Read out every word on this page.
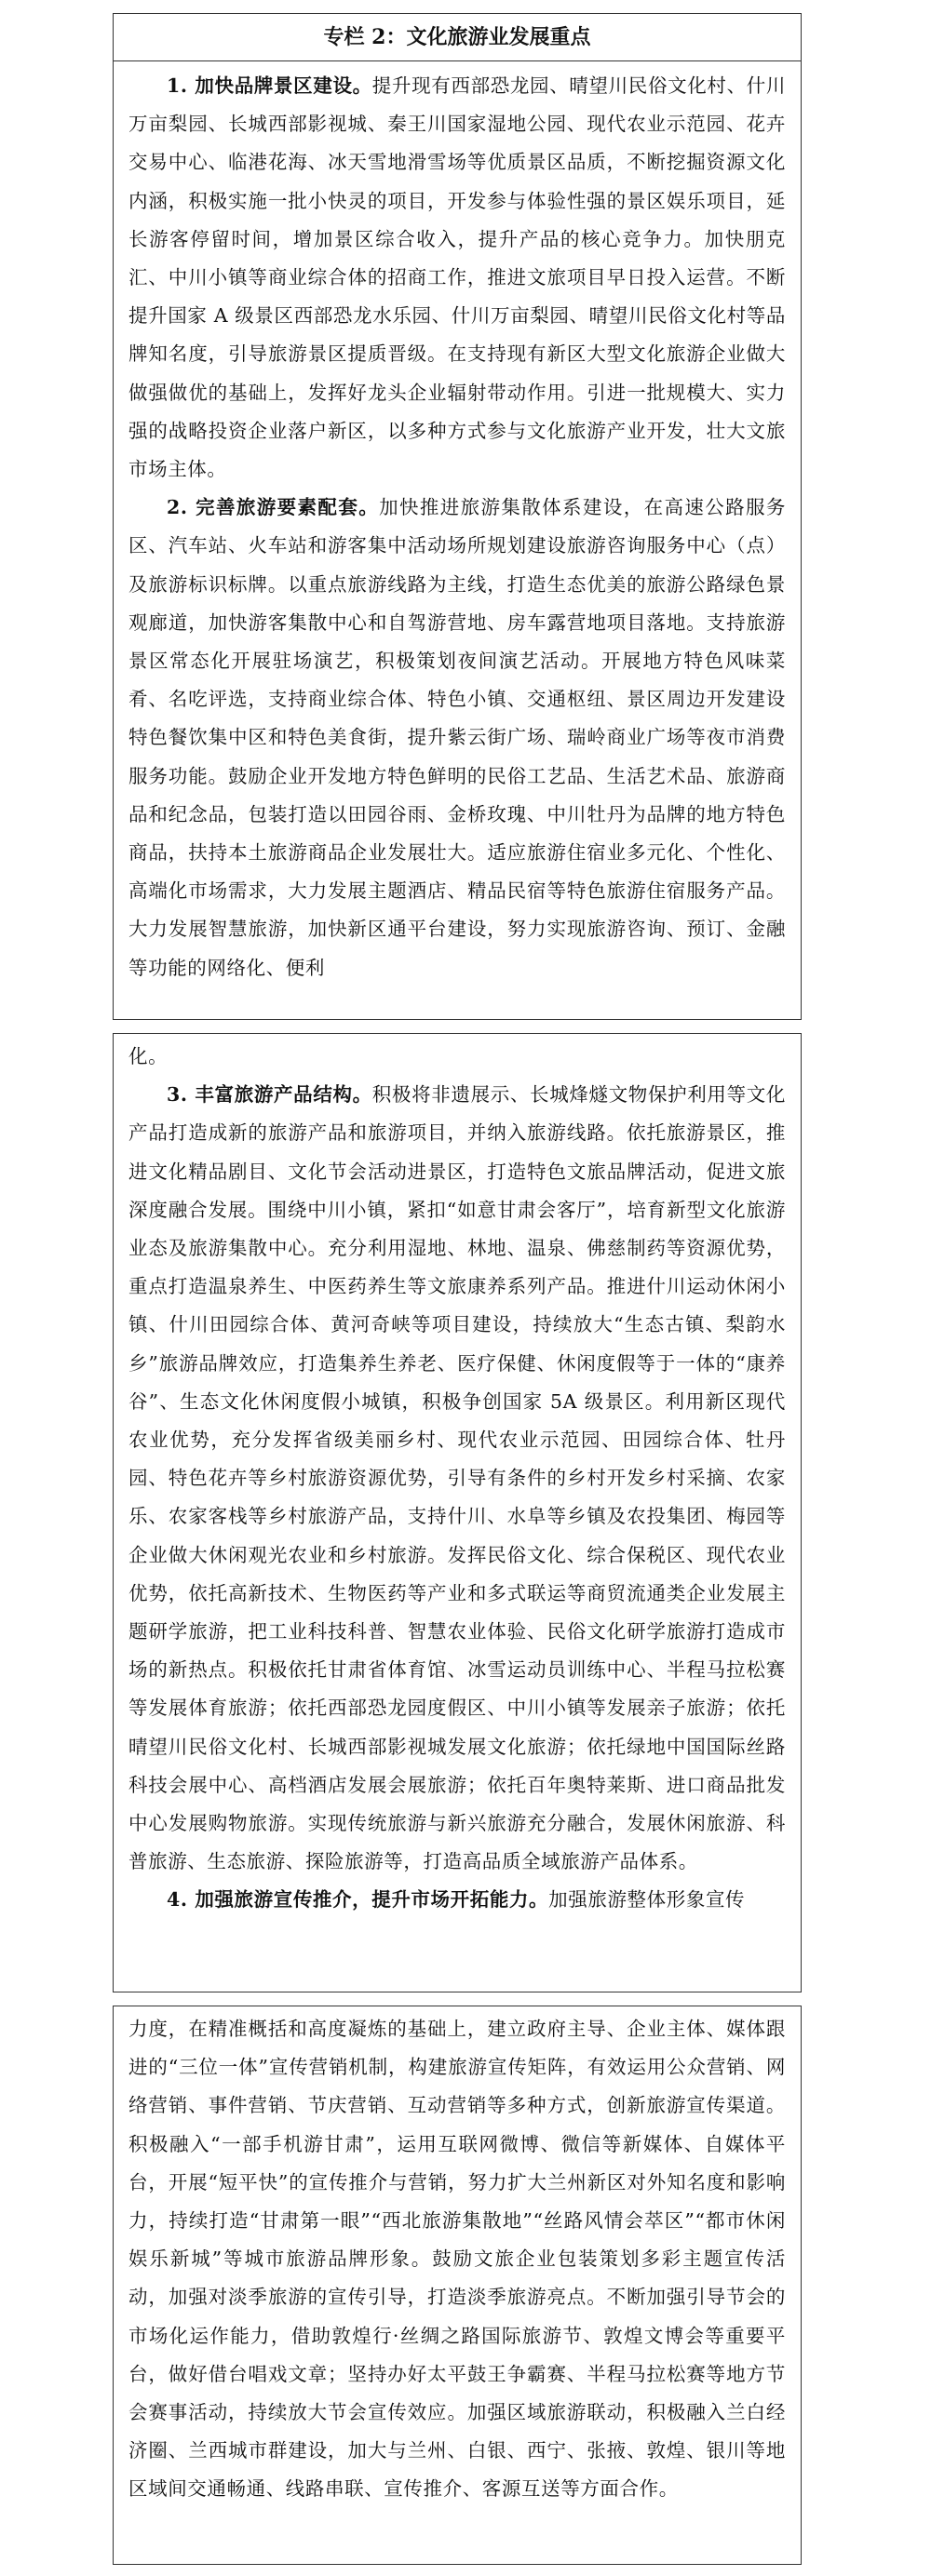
专栏 2：文化旅游业发展重点

1. 加快品牌景区建设。提升现有西部恐龙园、晴望川民俗文化村、什川万亩梨园、长城西部影视城、秦王川国家湿地公园、现代农业示范园、花卉交易中心、临港花海、冰天雪地滑雪场等优质景区品质，不断挖掘资源文化内涵，积极实施一批小快灵的项目，开发参与体验性强的景区娱乐项目，延长游客停留时间，增加景区综合收入，提升产品的核心竞争力。加快朋克汇、中川小镇等商业综合体的招商工作，推进文旅项目早日投入运营。不断提升国家 A 级景区西部恐龙水乐园、什川万亩梨园、晴望川民俗文化村等品牌知名度，引导旅游景区提质晋级。在支持现有新区大型文化旅游企业做大做强做优的基础上，发挥好龙头企业辐射带动作用。引进一批规模大、实力强的战略投资企业落户新区，以多种方式参与文化旅游产业开发，壮大文旅市场主体。

2. 完善旅游要素配套。加快推进旅游集散体系建设，在高速公路服务区、汽车站、火车站和游客集中活动场所规划建设旅游咨询服务中心（点）及旅游标识标牌。以重点旅游线路为主线，打造生态优美的旅游公路绿色景观廊道，加快游客集散中心和自驾游营地、房车露营地项目落地。支持旅游景区常态化开展驻场演艺，积极策划夜间演艺活动。开展地方特色风味菜肴、名吃评选，支持商业综合体、特色小镇、交通枢纽、景区周边开发建设特色餐饮集中区和特色美食街，提升紫云街广场、瑞岭商业广场等夜市消费服务功能。鼓励企业开发地方特色鲜明的民俗工艺品、生活艺术品、旅游商品和纪念品，包装打造以田园谷雨、金桥玫瑰、中川牡丹为品牌的地方特色商品，扶持本土旅游商品企业发展壮大。适应旅游住宿业多元化、个性化、高端化市场需求，大力发展主题酒店、精品民宿等特色旅游住宿服务产品。大力发展智慧旅游，加快新区通平台建设，努力实现旅游咨询、预订、金融等功能的网络化、便利

化。

3. 丰富旅游产品结构。积极将非遗展示、长城烽燧文物保护利用等文化产品打造成新的旅游产品和旅游项目，并纳入旅游线路。依托旅游景区，推进文化精品剧目、文化节会活动进景区，打造特色文旅品牌活动，促进文旅深度融合发展。围绕中川小镇，紧扣“如意甘肃会客厅”，培育新型文化旅游业态及旅游集散中心。充分利用湿地、林地、温泉、佛慈制药等资源优势，重点打造温泉养生、中医药养生等文旅康养系列产品。推进什川运动休闲小镇、什川田园综合体、黄河奇峡等项目建设，持续放大“生态古镇、梨韵水乡”旅游品牌效应，打造集养生养老、医疗保健、休闲度假等于一体的“康养谷”、生态文化休闲度假小城镇，积极争创国家 5A 级景区。利用新区现代农业优势，充分发挥省级美丽乡村、现代农业示范园、田园综合体、牡丹园、特色花卉等乡村旅游资源优势，引导有条件的乡村开发乡村采摘、农家乐、农家客栈等乡村旅游产品，支持什川、水阜等乡镇及农投集团、梅园等企业做大休闲观光农业和乡村旅游。发挥民俗文化、综合保税区、现代农业优势，依托高新技术、生物医药等产业和多式联运等商贸流通类企业发展主题研学旅游，把工业科技科普、智慧农业体验、民俗文化研学旅游打造成市场的新热点。积极依托甘肃省体育馆、冰雪运动员训练中心、半程马拉松赛等发展体育旅游；依托西部恐龙园度假区、中川小镇等发展亲子旅游；依托晴望川民俗文化村、长城西部影视城发展文化旅游；依托绿地中国国际丝路科技会展中心、高档酒店发展会展旅游；依托百年奥特莱斯、进口商品批发中心发展购物旅游。实现传统旅游与新兴旅游充分融合，发展休闲旅游、科普旅游、生态旅游、探险旅游等，打造高品质全域旅游产品体系。

4. 加强旅游宣传推介，提升市场开拓能力。加强旅游整体形象宣传

力度，在精准概括和高度凝炼的基础上，建立政府主导、企业主体、媒体跟进的“三位一体”宣传营销机制，构建旅游宣传矩阵，有效运用公众营销、网络营销、事件营销、节庆营销、互动营销等多种方式，创新旅游宣传渠道。积极融入“一部手机游甘肃”，运用互联网微博、微信等新媒体、自媒体平台，开展“短平快”的宣传推介与营销，努力扩大兰州新区对外知名度和影响力，持续打造“甘肃第一眼”“西北旅游集散地”“丝路风情会萃区”“都市休闲娱乐新城”等城市旅游品牌形象。鼓励文旅企业包装策划多彩主题宣传活动，加强对淡季旅游的宣传引导，打造淡季旅游亮点。不断加强引导节会的市场化运作能力，借助敦煌行·丝绸之路国际旅游节、敦煌文博会等重要平台，做好借台唱戏文章；坚持办好太平鼓王争霸赛、半程马拉松赛等地方节会赛事活动，持续放大节会宣传效应。加强区域旅游联动，积极融入兰白经济圈、兰西城市群建设，加大与兰州、白银、西宁、张掖、敦煌、银川等地区域间交通畅通、线路串联、宣传推介、客源互送等方面合作。
